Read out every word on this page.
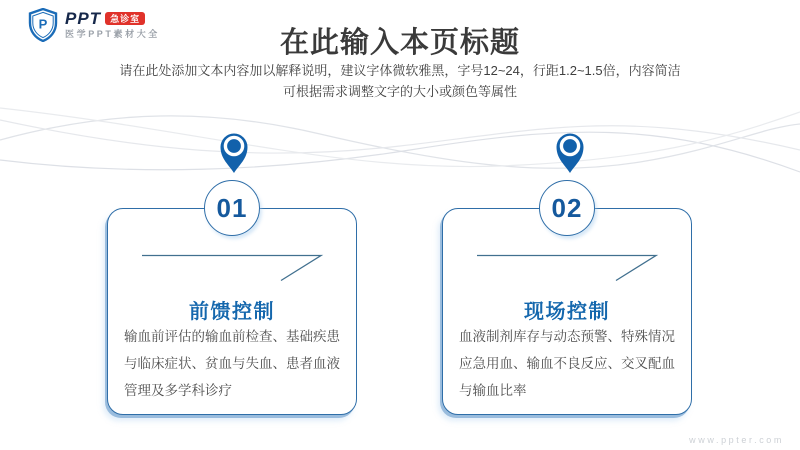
P PPT	急诊室
医学PPT素材大全	在此输入本页标题
请在此处添加文本内容加以解释说明，建议字体微软雅黑，字号12~24，行距1.2~1.5倍，内容简洁
可根据需求调整文字的大小或颜色等属性
01
前馈控制
输血前评估的输血前检查、基础疾患与临床症状、贫血与失血、患者血液管理及多学科诊疗
02
现场控制
血液制剂库存与动态预警、特殊情况应急用血、输血不良反应、交叉配血与输血比率
www.ppter.com
